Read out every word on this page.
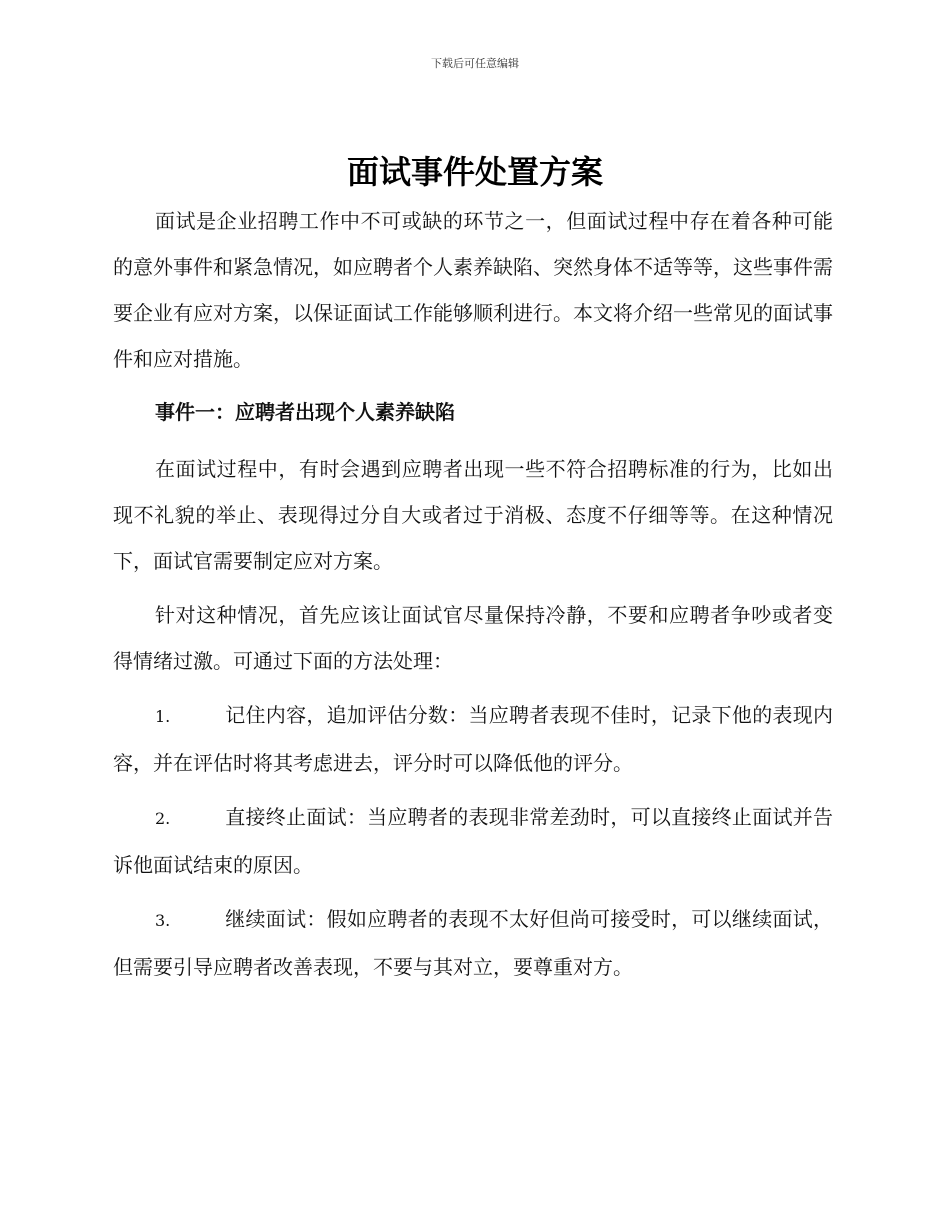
下载后可任意编辑
面试事件处置方案

面试是企业招聘工作中不可或缺的环节之一，但面试过程中存在着各种可能的意外事件和紧急情况，如应聘者个人素养缺陷、突然身体不适等等，这些事件需要企业有应对方案，以保证面试工作能够顺利进行。本文将介绍一些常见的面试事件和应对措施。

事件一：应聘者出现个人素养缺陷

在面试过程中，有时会遇到应聘者出现一些不符合招聘标准的行为，比如出现不礼貌的举止、表现得过分自大或者过于消极、态度不仔细等等。在这种情况下，面试官需要制定应对方案。

针对这种情况，首先应该让面试官尽量保持冷静，不要和应聘者争吵或者变得情绪过激。可通过下面的方法处理：

1.	记住内容，追加评估分数：当应聘者表现不佳时，记录下他的表现内容，并在评估时将其考虑进去，评分时可以降低他的评分。

2.	直接终止面试：当应聘者的表现非常差劲时，可以直接终止面试并告诉他面试结束的原因。

3.	继续面试：假如应聘者的表现不太好但尚可接受时，可以继续面试，但需要引导应聘者改善表现，不要与其对立，要尊重对方。
